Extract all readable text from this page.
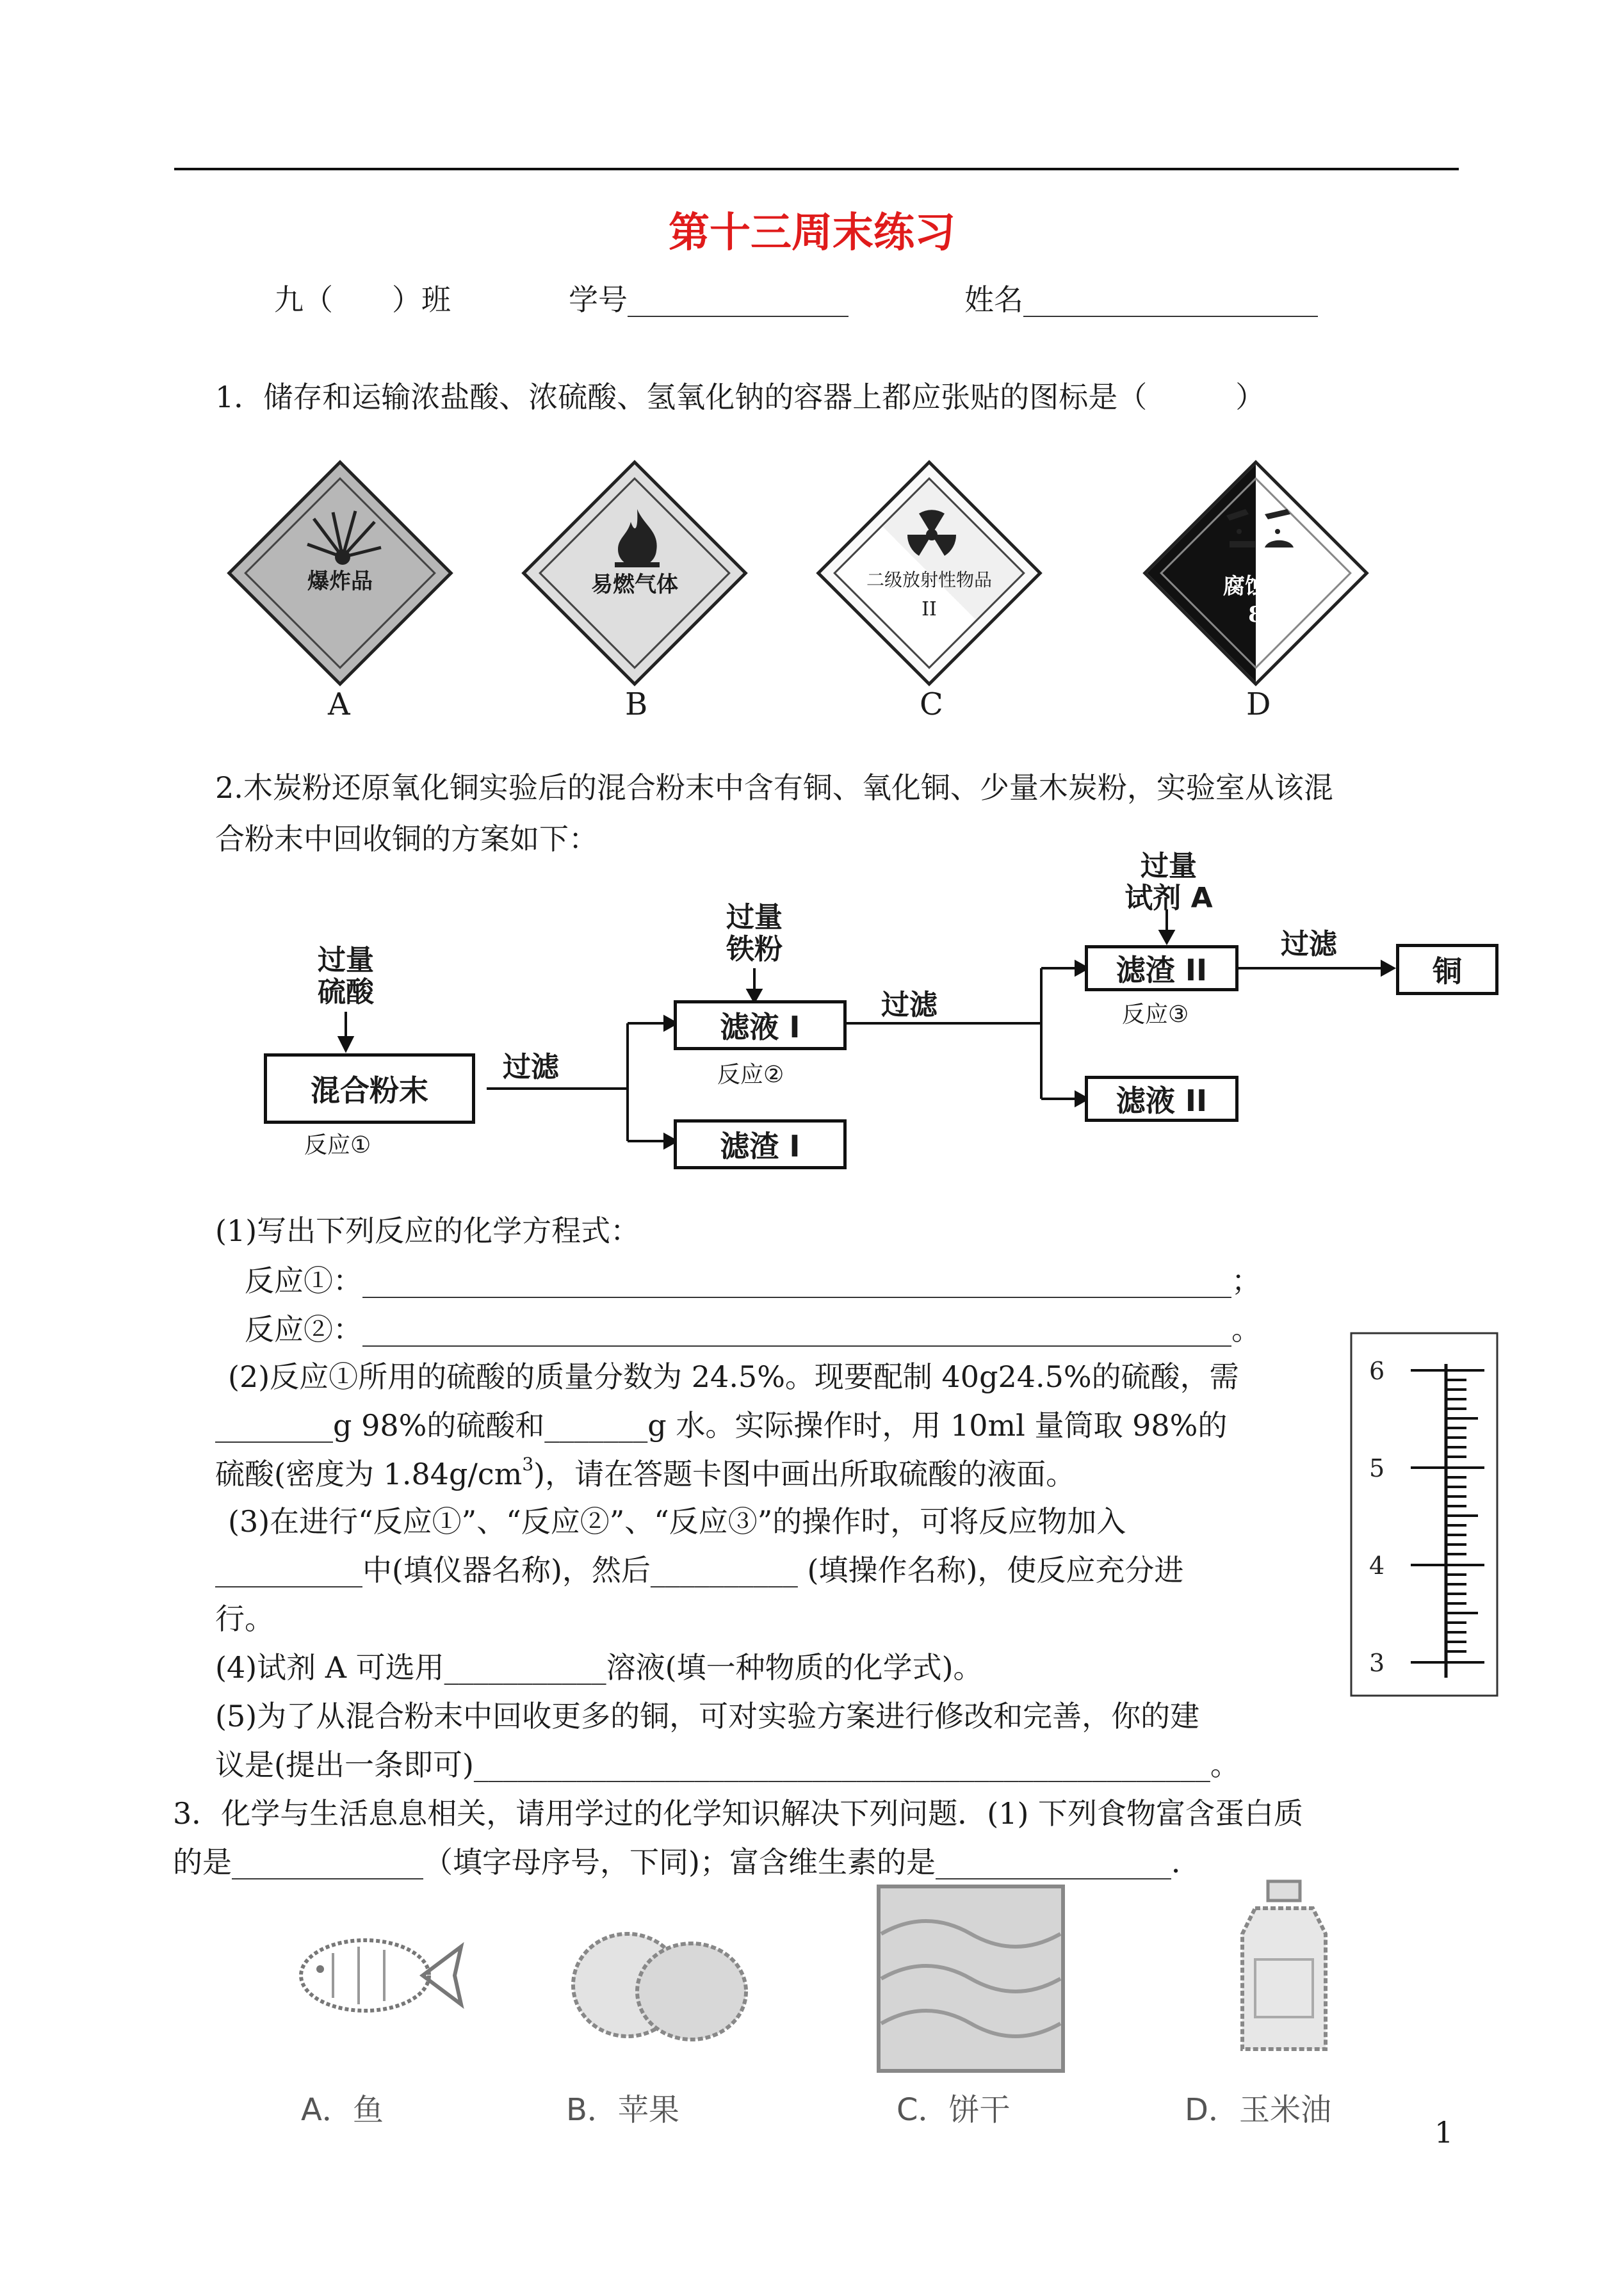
第十三周末练习
九（　　）班	学号_______________	姓名____________________
1．储存和运输浓盐酸、浓硫酸、氢氧化钠的容器上都应张贴的图标是（　　　）
爆炸品
A
易燃气体
B
二级放射性物品
II
C
腐蚀品
8
D
2.木炭粉还原氧化铜实验后的混合粉末中含有铜、氧化铜、少量木炭粉，实验室从该混
合粉末中回收铜的方案如下：
过量
硫酸
混合粉末
反应①
过滤
滤液 I
反应②
滤渣 I
过量
铁粉
过滤
过量
试剂 A
滤渣 II
反应③
滤液 II
过滤
铜
(1)写出下列反应的化学方程式：
反应①：___________________________________________________________；
反应②：___________________________________________________________。
(2)反应①所用的硫酸的质量分数为 24.5%。现要配制 40g24.5%的硫酸，需
________g 98%的硫酸和_______g 水。实际操作时，用 10ml 量筒取 98%的
硫酸(密度为 $1.84g/cm^3$)，请在答题卡图中画出所取硫酸的液面。
(3)在进行“反应①”、“反应②”、“反应③”的操作时，可将反应物加入
__________中(填仪器名称)，然后__________ (填操作名称)，使反应充分进
行。
(4)试剂 A 可选用___________溶液(填一种物质的化学式)。
(5)为了从混合粉末中回收更多的铜，可对实验方案进行修改和完善，你的建
议是(提出一条即可)__________________________________________________。
6
5
4
3
3．化学与生活息息相关，请用学过的化学知识解决下列问题．(1) 下列食物富含蛋白质
的是_____________（填字母序号，下同)；富含维生素的是________________．
A．鱼	B．苹果	C．饼干	D．玉米油
1
